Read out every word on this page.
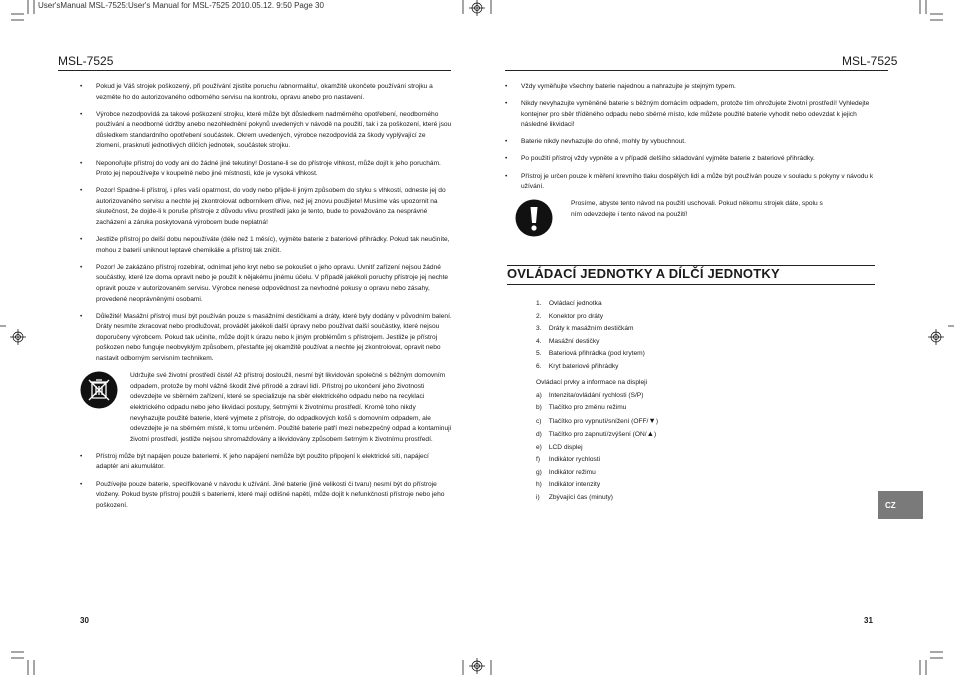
User'sManual MSL-7525:User's Manual for MSL-7525 2010.05.12. 9:50 Page 30
MSL-7525	MSL-7525
• Pokud je Váš strojek poškozený, při používání zjistíte poruchu /abnormalitu/, okamžitě ukončete používání strojku a vezměte ho do autorizovaného odborného servisu na kontrolu, opravu anebo pro nastavení.
• Výrobce nezodpovídá za takové poškození strojku, které může být důsledkem nadměrného opotřebení, neodborného používání a neodborné údržby anebo nezohlednění pokynů uvedených v návodě na použití, tak i za poškození, které jsou důsledkem standardního opotřebení součástek. Okrem uvedených, výrobce nezodpovídá za škody vyplývající ze zlomení, prasknutí jednotlivých dílčích jednotek, součástek strojku.
• Neponořujte přístroj do vody ani do žádné jiné tekutiny! Dostane-li se do přístroje vlhkost, může dojít k jeho poruchám. Proto jej nepoužívejte v koupelně nebo jiné místnosti, kde je vysoká vlhkost.
• Pozor! Spadne-li přístroj, i přes vaši opatrnost, do vody nebo přijde-li jiným způsobem do styku s vlhkostí, odneste jej do autorizovaného servisu a nechte jej zkontrolovat odborníkem dříve, než jej znovu použijete! Musíme vás upozornit na skutečnost, že dojde-li k poruše přístroje z důvodu vlivu prostředí jako je tento, bude to považováno za nesprávné zacházení a záruka poskytovaná výrobcem bude neplatná!
• Jestliže přístroj po delší dobu nepoužíváte (déle než 1 měsíc), vyjměte baterie z bateriové přihrádky. Pokud tak neučiníte, mohou z baterií uniknout leptavé chemikálie a přístroj tak zničit.
• Pozor! Je zakázáno přístroj rozebírat, odnímat jeho kryt nebo se pokoušet o jeho opravu. Uvnitř zařízení nejsou žádné součástky, které lze doma opravit nebo je použít k nějakému jinému účelu. V případě jakékoli poruchy přístroje jej nechte opravit pouze v autorizovaném servisu. Výrobce nenese odpovědnost za nevhodné pokusy o opravu nebo zásahy, provedené neoprávněnými osobami.
• Důležité! Masážní přístroj musí být používán pouze s masážními destičkami a dráty, které byly dodány v původním balení. Dráty nesmíte zkracovat nebo prodlužovat, provádět jakékoli další úpravy nebo používat další součástky, které nejsou doporučeny výrobcem. Pokud tak učiníte, může dojít k úrazu nebo k jiným problémům s přístrojem. Jestliže je přístroj poškozen nebo funguje neobvyklým způsobem, přestaňte jej okamžitě používat a nechte jej zkontrolovat, opravit nebo nastavit odborným servisním technikem.
Udržujte své životní prostředí čisté! Až přístroj dosloužil, nesmí být likvidován společně s běžným domovním odpadem, protože by mohl vážně škodit živé přírodě a zdraví lidí. Přístroj po ukončení jeho životnosti odevzdejte ve sběrném zařízení, které se specializuje na sběr elektrického odpadu nebo na recyklaci elektrického odpadu nebo jeho likvidaci postupy, šetrnými k životnímu prostředí. Kromě toho nikdy nevyhazujte použité baterie, které vyjmete z přístroje, do odpadkových košů s domovním odpadem, ale odevzdejte je na sběrném místě, k tomu určeném. Použité baterie patří mezi nebezpečný odpad a kontaminují životní prostředí, jestliže nejsou shromažďovány a likvidovány způsobem šetrným k životnímu prostředí.
• Přístroj může být napájen pouze bateriemi. K jeho napájení nemůže být použito připojení k elektrické síti, napájecí adaptér ani akumulátor.
• Používejte pouze baterie, specifikované v návodu k užívání. Jiné baterie (jiné velikosti či tvaru) nesmí být do přístroje vloženy. Pokud byste přístroj použili s bateriemi, které mají odlišné napětí, může dojít k nefunkčnosti přístroje nebo jeho poškození.
• Vždy vyměňujte všechny baterie najednou a nahrazujte je stejným typem.
• Nikdy nevyhazujte vyměněné baterie s běžným domácím odpadem, protože tím ohrožujete životní prostředí! Vyhledejte kontejner pro sběr tříděného odpadu nebo sběrné místo, kde můžete použité baterie vyhodit nebo odevzdat k jejich následné likvidaci!
• Baterie nikdy nevhazujte do ohně, mohly by vybuchnout.
• Po použití přístroj vždy vypněte a v případě delšího skladování vyjměte baterie z bateriové přihrádky.
• Přístroj je určen pouze k měření krevního tlaku dospělých lidí a může být používán pouze v souladu s pokyny v návodu k užívání.
Prosíme, abyste tento návod na použití uschovali. Pokud někomu strojek dáte, spolu s ním odevzdejte i tento návod na použití!
OVLÁDACÍ JEDNOTKY A DÍLČÍ JEDNOTKY
1. Ovládací jednotka
2. Konektor pro dráty
3. Dráty k masážním destičkám
4. Masážní destičky
5. Bateriová přihrádka (pod krytem)
6. Kryt bateriové přihrádky
Ovládací prvky a informace na displeji
a) Intenzita/ovládání rychlosti (S/P)
b) Tlačítko pro změnu režimu
c) Tlačítko pro vypnutí/snížení (OFF/▼)
d) Tlačítko pro zapnutí/zvýšení (ON/▲)
e) LCD displej
f) Indikátor rychlosti
g) Indikátor režimu
h) Indikátor intenzity
i) Zbývající čas (minuty)
CZ
30	31
